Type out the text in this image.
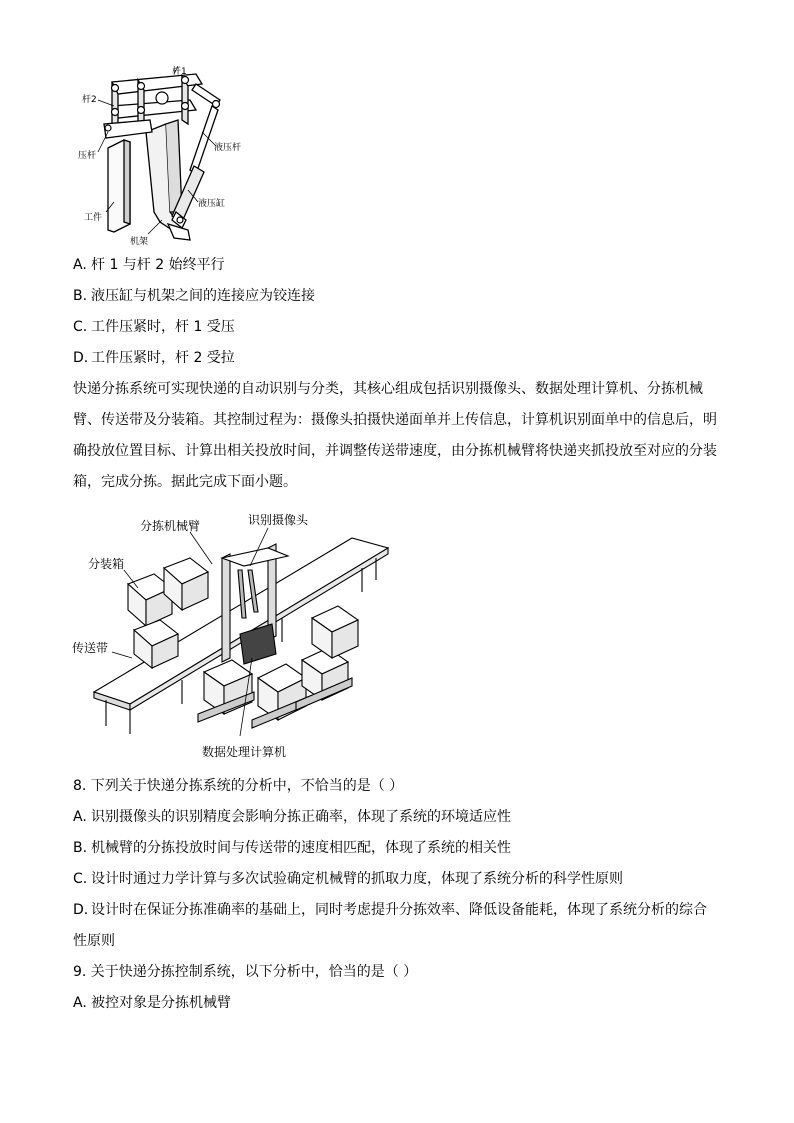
杆1
杆2
压杆
液压杆
液压缸
工件
机架
A. 杆 1 与杆 2 始终平行
B. 液压缸与机架之间的连接应为铰连接
C. 工件压紧时，杆 1 受压
D. 工件压紧时，杆 2 受拉
快递分拣系统可实现快递的自动识别与分类，其核心组成包括识别摄像头、数据处理计算机、分拣机械
臂、传送带及分装箱。其控制过程为：摄像头拍摄快递面单并上传信息，计算机识别面单中的信息后，明
确投放位置目标、计算出相关投放时间，并调整传送带速度，由分拣机械臂将快递夹抓投放至对应的分装
箱，完成分拣。据此完成下面小题。
分拣机械臂	识别摄像头
分装箱
传送带
数据处理计算机
8. 下列关于快递分拣系统的分析中，不恰当的是（ ）
A. 识别摄像头的识别精度会影响分拣正确率，体现了系统的环境适应性
B. 机械臂的分拣投放时间与传送带的速度相匹配，体现了系统的相关性
C. 设计时通过力学计算与多次试验确定机械臂的抓取力度，体现了系统分析的科学性原则
D. 设计时在保证分拣准确率的基础上，同时考虑提升分拣效率、降低设备能耗，体现了系统分析的综合
性原则
9. 关于快递分拣控制系统，以下分析中，恰当的是（ ）
A. 被控对象是分拣机械臂
